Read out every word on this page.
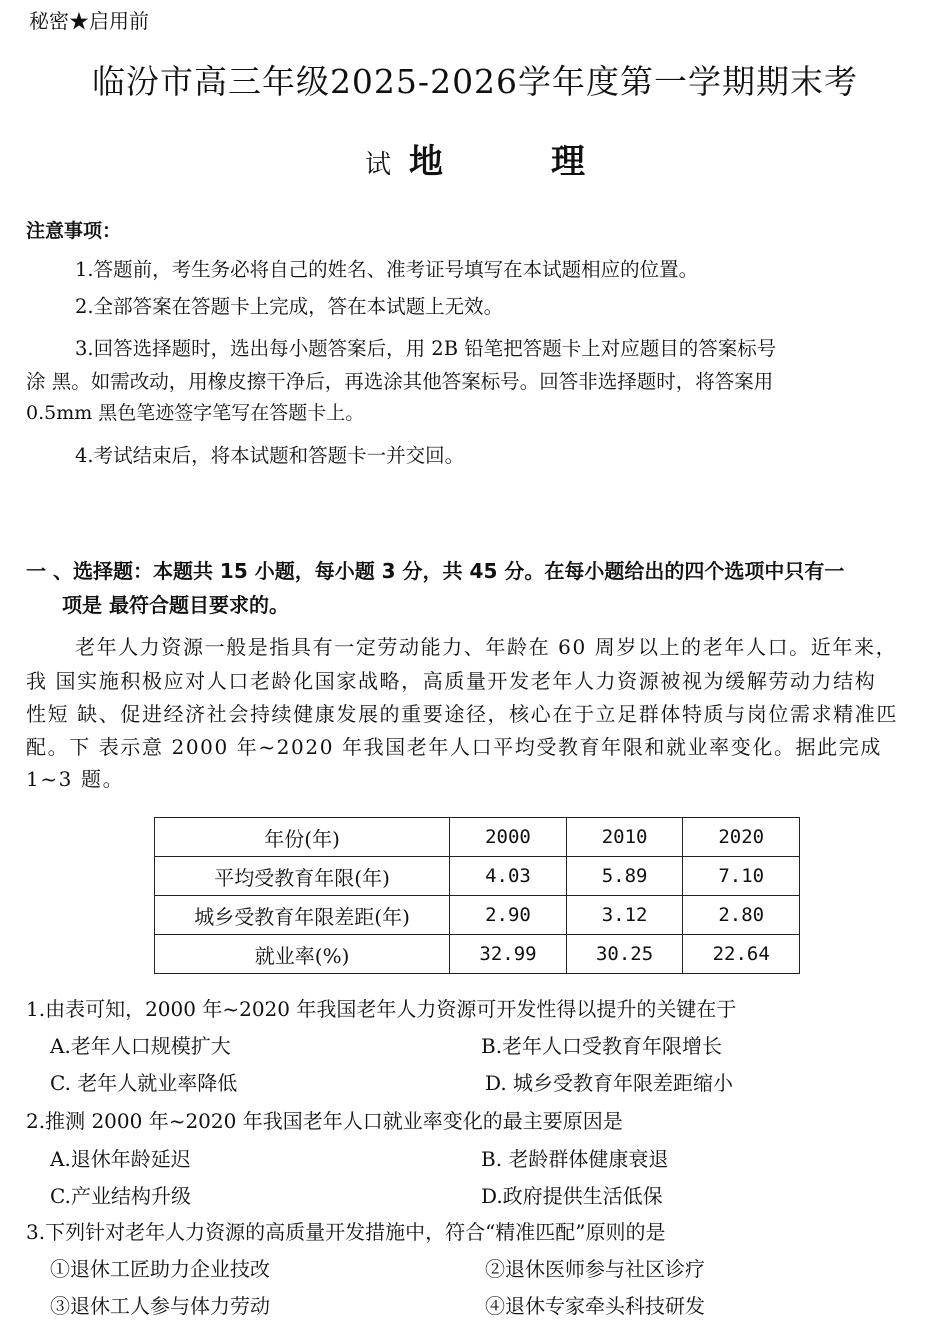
秘密★启用前
临汾市高三年级2025-2026学年度第一学期期末考
试 地	理
注意事项：
1.答题前，考生务必将自己的姓名、准考证号填写在本试题相应的位置。
2.全部答案在答题卡上完成，答在本试题上无效。
3.回答选择题时，选出每小题答案后，用 2B 铅笔把答题卡上对应题目的答案标号
涂 黑。如需改动，用橡皮擦干净后，再选涂其他答案标号。回答非选择题时，将答案用
0.5mm 黑色笔迹签字笔写在答题卡上。
4.考试结束后，将本试题和答题卡一并交回。
一 、选择题：本题共 15 小题，每小题 3 分，共 45 分。在每小题给出的四个选项中只有一
项是 最符合题目要求的。
老年人力资源一般是指具有一定劳动能力、年龄在 60 周岁以上的老年人口。近年来，
我 国实施积极应对人口老龄化国家战略，高质量开发老年人力资源被视为缓解劳动力结构
性短 缺、促进经济社会持续健康发展的重要途径，核心在于立足群体特质与岗位需求精准匹
配。下 表示意 2000 年~2020 年我国老年人口平均受教育年限和就业率变化。据此完成
1~3 题。
年份(年)	2000	2010	2020
平均受教育年限(年)	4.03	5.89	7.10
城乡受教育年限差距(年)	2.90	3.12	2.80
就业率(%)	32.99	30.25	22.64
1.由表可知，2000 年~2020 年我国老年人力资源可开发性得以提升的关键在于
A.老年人口规模扩大	B.老年人口受教育年限增长
C. 老年人就业率降低	D. 城乡受教育年限差距缩小
2.推测 2000 年~2020 年我国老年人口就业率变化的最主要原因是
A.退休年龄延迟	B. 老龄群体健康衰退
C.产业结构升级	D.政府提供生活低保
3.下列针对老年人力资源的高质量开发措施中，符合“精准匹配”原则的是
①退休工匠助力企业技改	②退休医师参与社区诊疗
③退休工人参与体力劳动	④退休专家牵头科技研发
